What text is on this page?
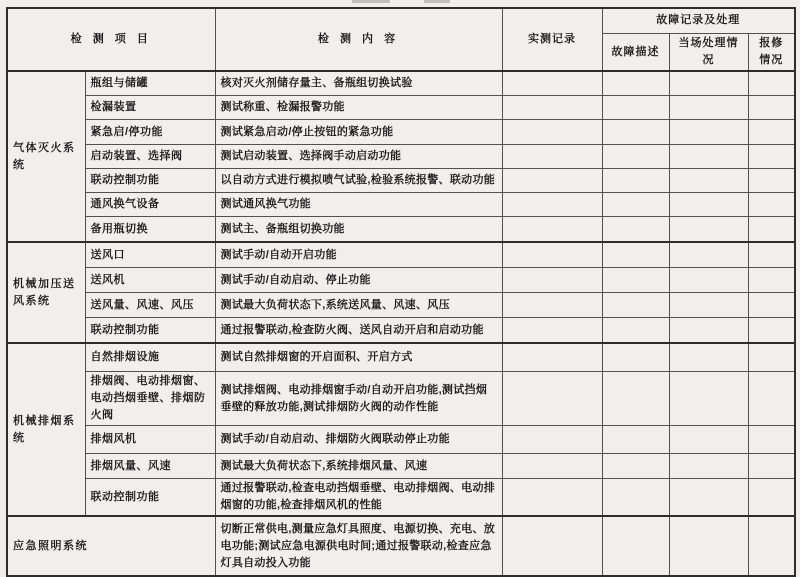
检 测 项 目		检 测 内 容	实测记录	故障记录及处理		
				故障描述	当场处理情况	报修情况
气体灭火系统	瓶组与储罐	核对灭火剂储存量主、备瓶组切换试验				
	检漏装置	测试称重、检漏报警功能				
	紧急启/停功能	测试紧急启动/停止按钮的紧急功能				
	启动装置、选择阀	测试启动装置、选择阀手动启动功能				
	联动控制功能	以自动方式进行模拟喷气试验,检验系统报警、联动功能				
	通风换气设备	测试通风换气功能				
	备用瓶切换	测试主、备瓶组切换功能				
机械加压送风系统	送风口	测试手动/自动开启功能				
	送风机	测试手动/自动启动、停止功能				
	送风量、风速、风压	测试最大负荷状态下,系统送风量、风速、风压				
	联动控制功能	通过报警联动,检查防火阀、送风自动开启和启动功能				
机械排烟系统	自然排烟设施	测试自然排烟窗的开启面积、开启方式				
	排烟阀、电动排烟窗、电动挡烟垂壁、排烟防火阀	测试排烟阀、电动排烟窗手动/自动开启功能,测试挡烟垂壁的释放功能,测试排烟防火阀的动作性能				
	排烟风机	测试手动/自动启动、排烟防火阀联动停止功能				
	排烟风量、风速	测试最大负荷状态下,系统排烟风量、风速				
	联动控制功能	通过报警联动,检查电动挡烟垂壁、电动排烟阀、电动排烟窗的功能,检查排烟风机的性能				
应急照明系统		切断正常供电,测量应急灯具照度、电源切换、充电、放电功能;测试应急电源供电时间;通过报警联动,检查应急灯具自动投入功能				
